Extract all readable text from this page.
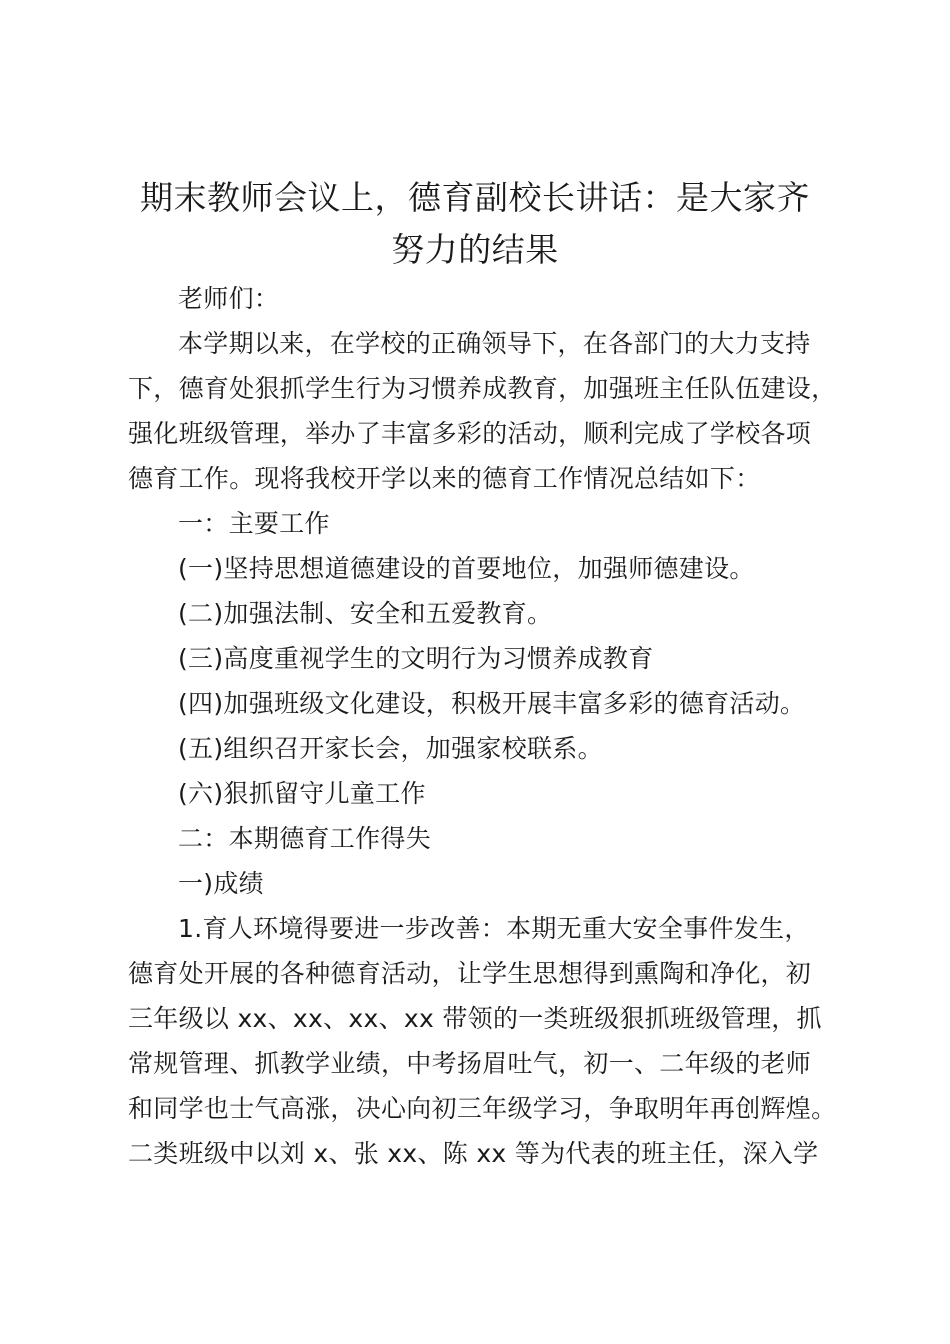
期末教师会议上，德育副校长讲话：是大家齐
努力的结果

老师们：

本学期以来，在学校的正确领导下，在各部门的大力支持
下，德育处狠抓学生行为习惯养成教育，加强班主任队伍建设，
强化班级管理，举办了丰富多彩的活动，顺利完成了学校各项
德育工作。现将我校开学以来的德育工作情况总结如下：

一：主要工作

(一)坚持思想道德建设的首要地位，加强师德建设。

(二)加强法制、安全和五爱教育。

(三)高度重视学生的文明行为习惯养成教育

(四)加强班级文化建设，积极开展丰富多彩的德育活动。

(五)组织召开家长会，加强家校联系。

(六)狠抓留守儿童工作

二：本期德育工作得失

一)成绩

1.育人环境得要进一步改善：本期无重大安全事件发生，
德育处开展的各种德育活动，让学生思想得到熏陶和净化，初
三年级以 xx、xx、xx、xx 带领的一类班级狠抓班级管理，抓
常规管理、抓教学业绩，中考扬眉吐气，初一、二年级的老师
和同学也士气高涨，决心向初三年级学习，争取明年再创辉煌。
二类班级中以刘 x、张 xx、陈 xx 等为代表的班主任，深入学
